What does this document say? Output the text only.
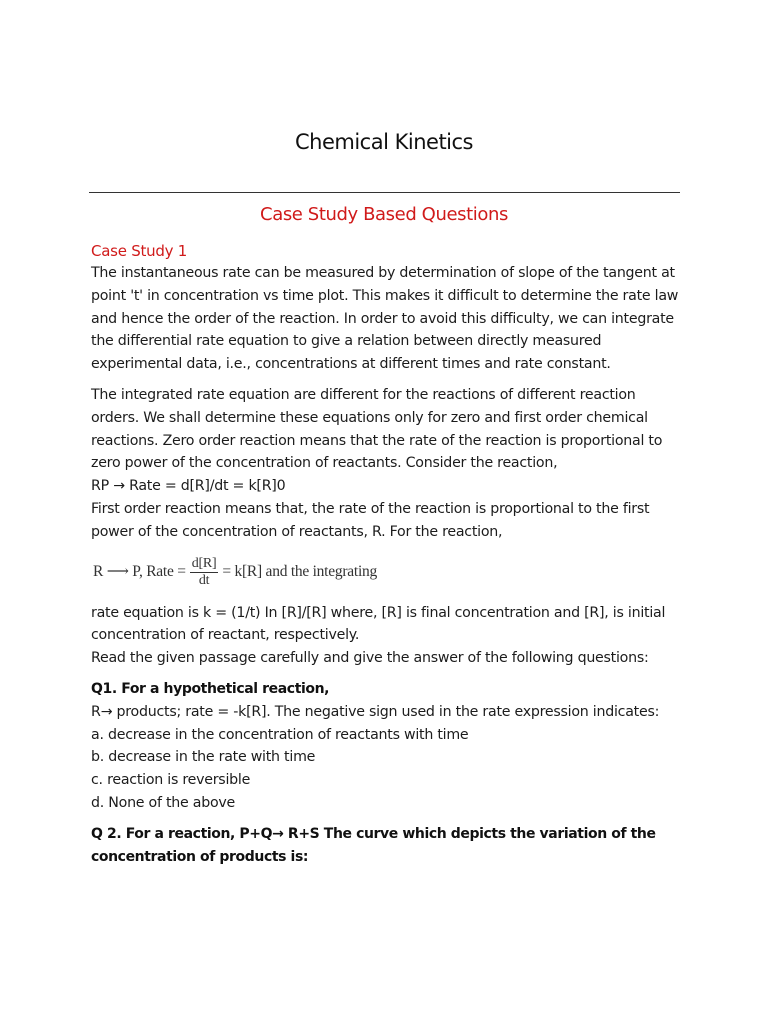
Chemical Kinetics
Case Study Based Questions

Case Study 1

The instantaneous rate can be measured by determination of slope of the tangent at point 't' in concentration vs time plot. This makes it difficult to determine the rate law and hence the order of the reaction. In order to avoid this difficulty, we can integrate the differential rate equation to give a relation between directly measured experimental data, i.e., concentrations at different times and rate constant.

The integrated rate equation are different for the reactions of different reaction orders. We shall determine these equations only for zero and first order chemical reactions. Zero order reaction means that the rate of the reaction is proportional to zero power of the concentration of reactants. Consider the reaction,

RP → Rate = d[R]/dt = k[R]0

First order reaction means that, the rate of the reaction is proportional to the first power of the concentration of reactants, R. For the reaction,

R ⟶ P, Rate = $\frac{d[R]}{dt} = k[R]$ and the integrating

rate equation is k = (1/t) In [R]/[R] where, [R] is final concentration and [R], is initial concentration of reactant, respectively.

Read the given passage carefully and give the answer of the following questions:

Q1. For a hypothetical reaction,

R→ products; rate = -k[R]. The negative sign used in the rate expression indicates:

a. decrease in the concentration of reactants with time

b. decrease in the rate with time

c. reaction is reversible

d. None of the above

Q 2. For a reaction, P+Q→ R+S The curve which depicts the variation of the concentration of products is:
